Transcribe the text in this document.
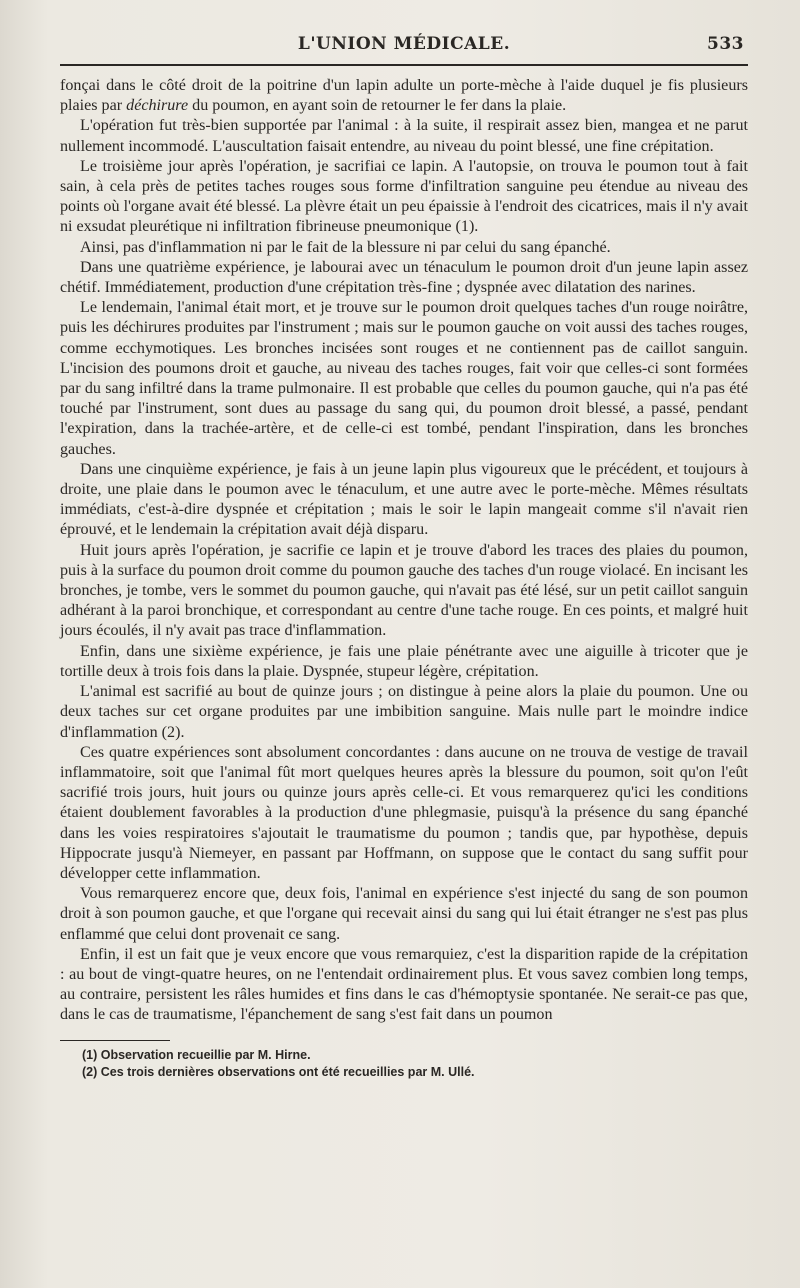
L'UNION MÉDICALE.	533

fonçai dans le côté droit de la poitrine d'un lapin adulte un porte-mèche à l'aide duquel je fis plusieurs plaies par déchirure du poumon, en ayant soin de retourner le fer dans la plaie.

L'opération fut très-bien supportée par l'animal : à la suite, il respirait assez bien, mangea et ne parut nullement incommodé. L'auscultation faisait entendre, au niveau du point blessé, une fine crépitation.

Le troisième jour après l'opération, je sacrifiai ce lapin. A l'autopsie, on trouva le poumon tout à fait sain, à cela près de petites taches rouges sous forme d'infiltration sanguine peu étendue au niveau des points où l'organe avait été blessé. La plèvre était un peu épaissie à l'endroit des cicatrices, mais il n'y avait ni exsudat pleurétique ni infiltration fibrineuse pneumonique (1).

Ainsi, pas d'inflammation ni par le fait de la blessure ni par celui du sang épanché.

Dans une quatrième expérience, je labourai avec un ténaculum le poumon droit d'un jeune lapin assez chétif. Immédiatement, production d'une crépitation très-fine ; dyspnée avec dilatation des narines.

Le lendemain, l'animal était mort, et je trouve sur le poumon droit quelques taches d'un rouge noirâtre, puis les déchirures produites par l'instrument ; mais sur le poumon gauche on voit aussi des taches rouges, comme ecchymotiques. Les bronches incisées sont rouges et ne contiennent pas de caillot sanguin. L'incision des poumons droit et gauche, au niveau des taches rouges, fait voir que celles-ci sont formées par du sang infiltré dans la trame pulmonaire. Il est probable que celles du poumon gauche, qui n'a pas été touché par l'instrument, sont dues au passage du sang qui, du poumon droit blessé, a passé, pendant l'expiration, dans la trachée-artère, et de celle-ci est tombé, pendant l'inspiration, dans les bronches gauches.

Dans une cinquième expérience, je fais à un jeune lapin plus vigoureux que le précédent, et toujours à droite, une plaie dans le poumon avec le ténaculum, et une autre avec le porte-mèche. Mêmes résultats immédiats, c'est-à-dire dyspnée et crépitation ; mais le soir le lapin mangeait comme s'il n'avait rien éprouvé, et le lendemain la crépitation avait déjà disparu.

Huit jours après l'opération, je sacrifie ce lapin et je trouve d'abord les traces des plaies du poumon, puis à la surface du poumon droit comme du poumon gauche des taches d'un rouge violacé. En incisant les bronches, je tombe, vers le sommet du poumon gauche, qui n'avait pas été lésé, sur un petit caillot sanguin adhérant à la paroi bronchique, et correspondant au centre d'une tache rouge. En ces points, et malgré huit jours écoulés, il n'y avait pas trace d'inflammation.

Enfin, dans une sixième expérience, je fais une plaie pénétrante avec une aiguille à tricoter que je tortille deux à trois fois dans la plaie. Dyspnée, stupeur légère, crépitation.

L'animal est sacrifié au bout de quinze jours ; on distingue à peine alors la plaie du poumon. Une ou deux taches sur cet organe produites par une imbibition sanguine. Mais nulle part le moindre indice d'inflammation (2).

Ces quatre expériences sont absolument concordantes : dans aucune on ne trouva de vestige de travail inflammatoire, soit que l'animal fût mort quelques heures après la blessure du poumon, soit qu'on l'eût sacrifié trois jours, huit jours ou quinze jours après celle-ci. Et vous remarquerez qu'ici les conditions étaient doublement favorables à la production d'une phlegmasie, puisqu'à la présence du sang épanché dans les voies respiratoires s'ajoutait le traumatisme du poumon ; tandis que, par hypothèse, depuis Hippocrate jusqu'à Niemeyer, en passant par Hoffmann, on suppose que le contact du sang suffit pour développer cette inflammation.

Vous remarquerez encore que, deux fois, l'animal en expérience s'est injecté du sang de son poumon droit à son poumon gauche, et que l'organe qui recevait ainsi du sang qui lui était étranger ne s'est pas plus enflammé que celui dont provenait ce sang.

Enfin, il est un fait que je veux encore que vous remarquiez, c'est la disparition rapide de la crépitation : au bout de vingt-quatre heures, on ne l'entendait ordinairement plus. Et vous savez combien long temps, au contraire, persistent les râles humides et fins dans le cas d'hémoptysie spontanée. Ne serait-ce pas que, dans le cas de traumatisme, l'épanchement de sang s'est fait dans un poumon

(1) Observation recueillie par M. Hirne.
(2) Ces trois dernières observations ont été recueillies par M. Ullé.
